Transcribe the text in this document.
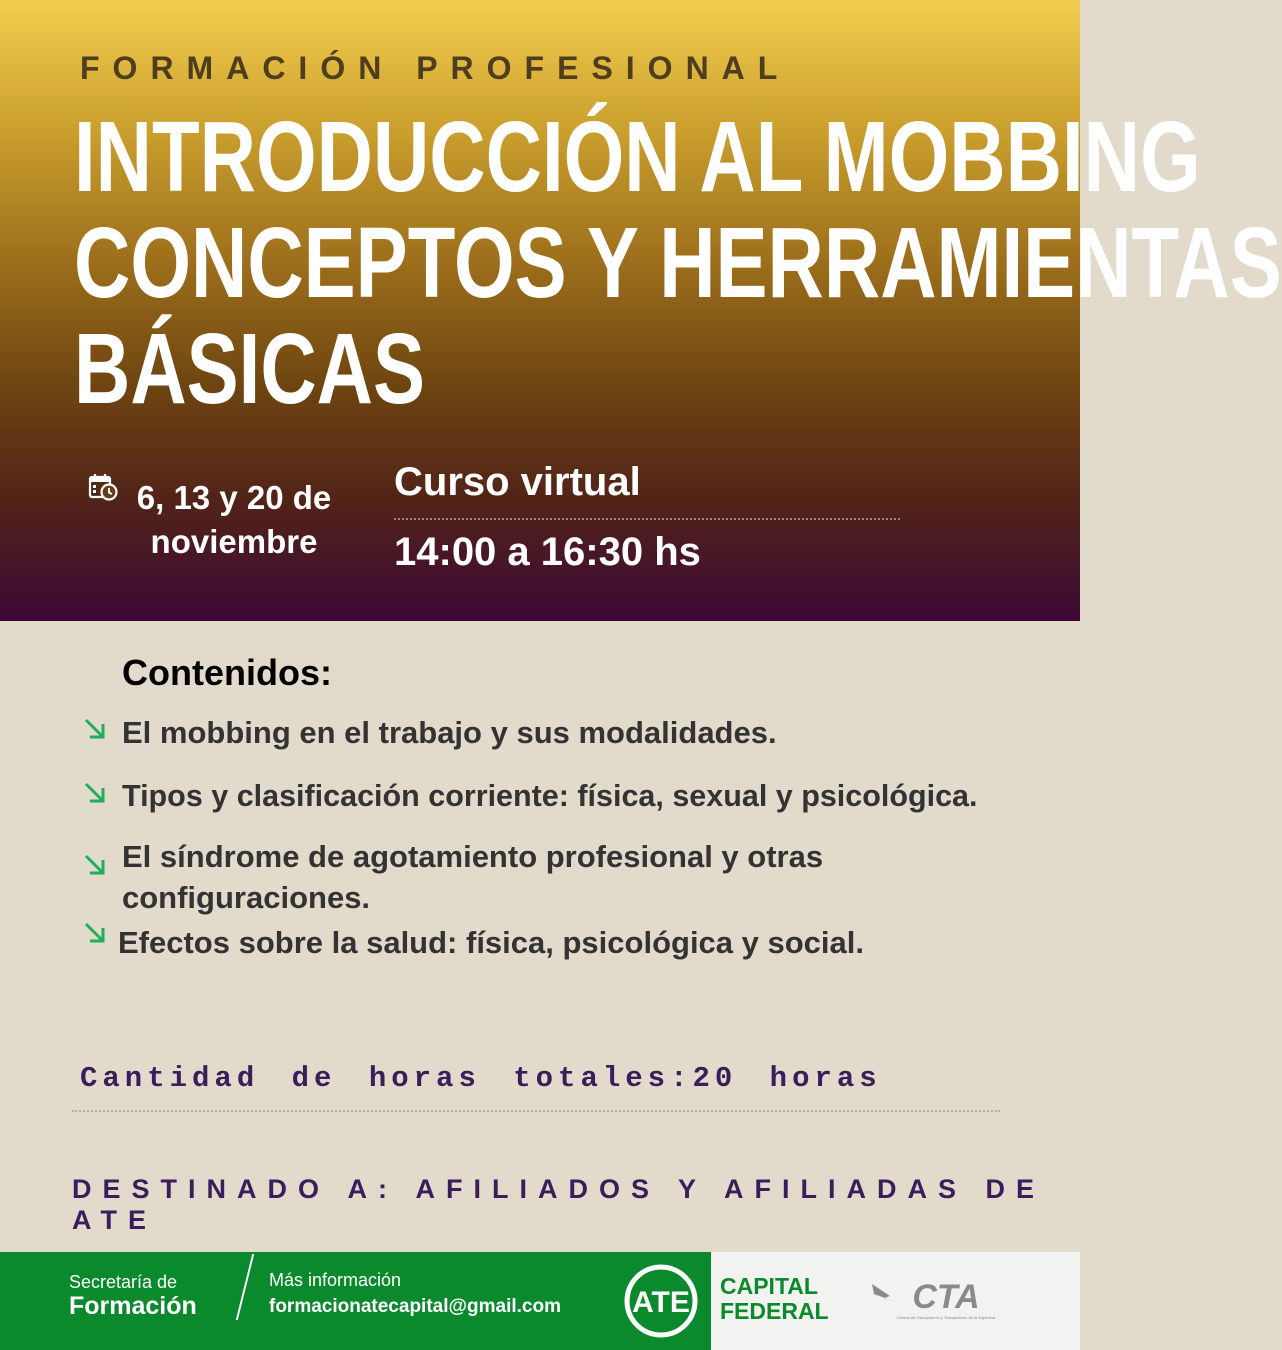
FORMACIÓN PROFESIONAL
INTRODUCCIÓN AL MOBBING
CONCEPTOS Y HERRAMIENTAS
BÁSICAS
6, 13 y 20 de
noviembre
Curso virtual
14:00 a 16:30 hs
Contenidos:
El mobbing en el trabajo y sus modalidades.
Tipos y clasificación corriente: física, sexual y psicológica.
El síndrome de agotamiento profesional y otras configuraciones.
Efectos sobre la salud: física, psicológica y social.
Cantidad de horas totales:20 horas
DESTINADO A: AFILIADOS Y AFILIADAS DE ATE
Secretaría de
Formación
Más información
formacionatecapital@gmail.com ATE CAPITAL
FEDERAL CTA
Central de Trabajadores y Trabajadoras de la Argentina
